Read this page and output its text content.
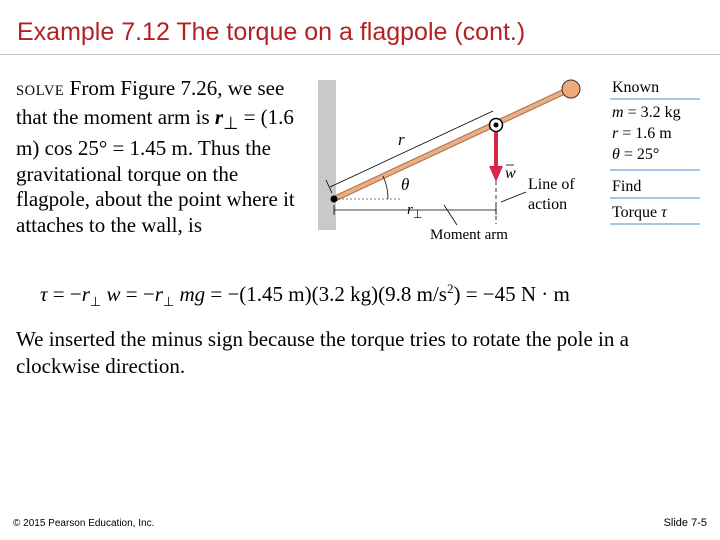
Example 7.12 The torque on a flagpole (cont.)
SOLVE From Figure 7.26, we see that the moment arm is $r_\perp = (1.6$ m) cos 25° = 1.45 m. Thus the gravitational torque on the flagpole, about the point where it attaches to the wall, is
r
θ
w
Line of
action
$r_\perp$
Moment arm
Known
m = 3.2 kg
r = 1.6 m
θ = 25°
Find
Torque τ
$\tau = -r_\perp$ $w = -r_\perp$ mg = −(1.45 m)(3.2 kg)(9.8 $m/s^2) = -45$ N · m
We inserted the minus sign because the torque tries to rotate the pole in a clockwise direction.
© 2015 Pearson Education, Inc.	Slide 7-5
